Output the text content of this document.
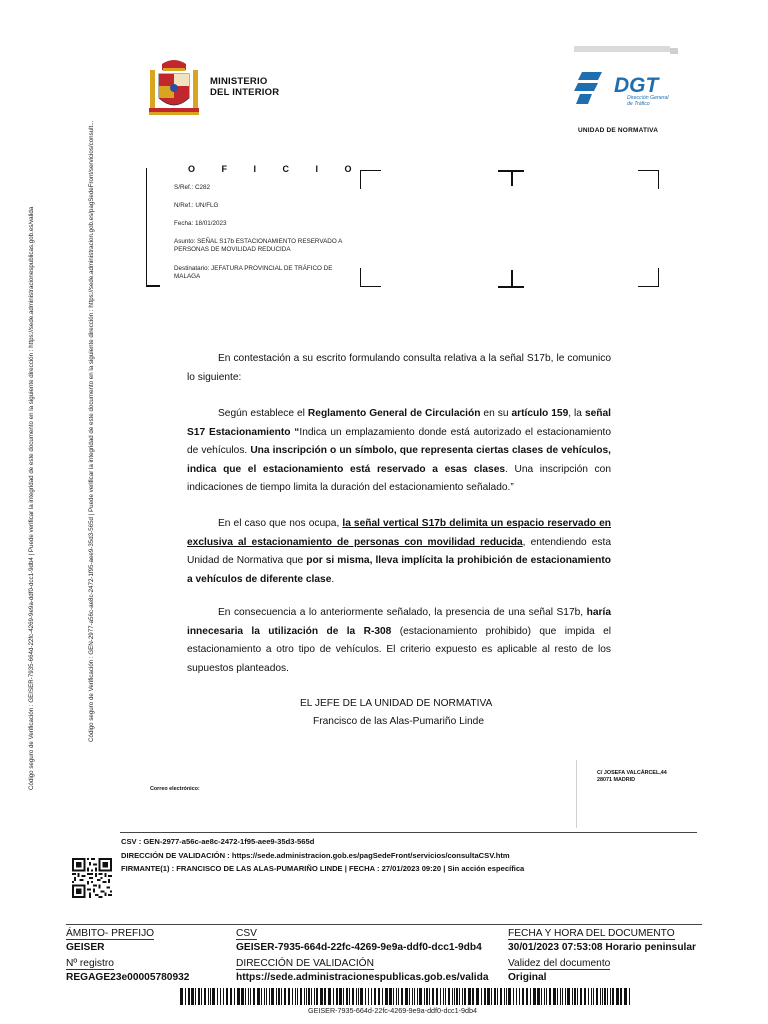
Código seguro de Verificación : GEISER-7935-664d-22fc-4269-9e9a-ddf0-dcc1-9db4 | Puede verificar la integridad de este documento en la siguiente dirección : https://sede.administracionespublicas.gob.es/valida	Código seguro de Verificación : GEN-2977-a56c-ae8c-2472-1f95-aee9-35d3-565d | Puede verificar la integridad de este documento en la siguiente dirección : https://sede.administracion.gob.es/pagSedeFront/servicios/consult...
MINISTERIO
DEL INTERIOR	DGT
Dirección General
de Tráfico
UNIDAD DE NORMATIVA
O F I C I O
S/Ref.: C282
N/Ref.: UN/FLG
Fecha: 18/01/2023
Asunto: SEÑAL S17b ESTACIONAMIENTO RESERVADO A
PERSONAS DE MOVILIDAD REDUCIDA
Destinatario: JEFATURA PROVINCIAL DE TRÁFICO DE
MALAGA
En contestación a su escrito formulando consulta relativa a la señal S17b, le comunico lo siguiente:
Según establece el Reglamento General de Circulación en su artículo 159, la señal S17 Estacionamiento “Indica un emplazamiento donde está autorizado el estacionamiento de vehículos. Una inscripción o un símbolo, que representa ciertas clases de vehículos, indica que el estacionamiento está reservado a esas clases. Una inscripción con indicaciones de tiempo limita la duración del estacionamiento señalado.”
En el caso que nos ocupa, la señal vertical S17b delimita un espacio reservado en exclusiva al estacionamiento de personas con movilidad reducida, entendiendo esta Unidad de Normativa que por si misma, lleva implícita la prohibición de estacionamiento a vehículos de diferente clase.
En consecuencia a lo anteriormente señalado, la presencia de una señal S17b, haría innecesaria la utilización de la R-308 (estacionamiento prohibido) que impida el estacionamiento a otro tipo de vehículos. El criterio expuesto es aplicable al resto de los supuestos planteados.
EL JEFE DE LA UNIDAD DE NORMATIVA
Francisco de las Alas-Pumariño Linde
Correo electrónico:
C/ JOSEFA VALCÁRCEL,44
28071 MADRID
CSV : GEN-2977-a56c-ae8c-2472-1f95-aee9-35d3-565d
DIRECCIÓN DE VALIDACIÓN : https://sede.administracion.gob.es/pagSedeFront/servicios/consultaCSV.htm
FIRMANTE(1) : FRANCISCO DE LAS ALAS-PUMARIÑO LINDE | FECHA : 27/01/2023 09:20 | Sin acción específica
ÁMBITO- PREFIJO
GEISER
Nº registro
REGAGE23e00005780932
CSV
GEISER-7935-664d-22fc-4269-9e9a-ddf0-dcc1-9db4
DIRECCIÓN DE VALIDACIÓN
https://sede.administracionespublicas.gob.es/valida
FECHA Y HORA DEL DOCUMENTO
30/01/2023 07:53:08 Horario peninsular
Validez del documento
Original
GEISER-7935-664d-22fc-4269-9e9a-ddf0-dcc1-9db4
